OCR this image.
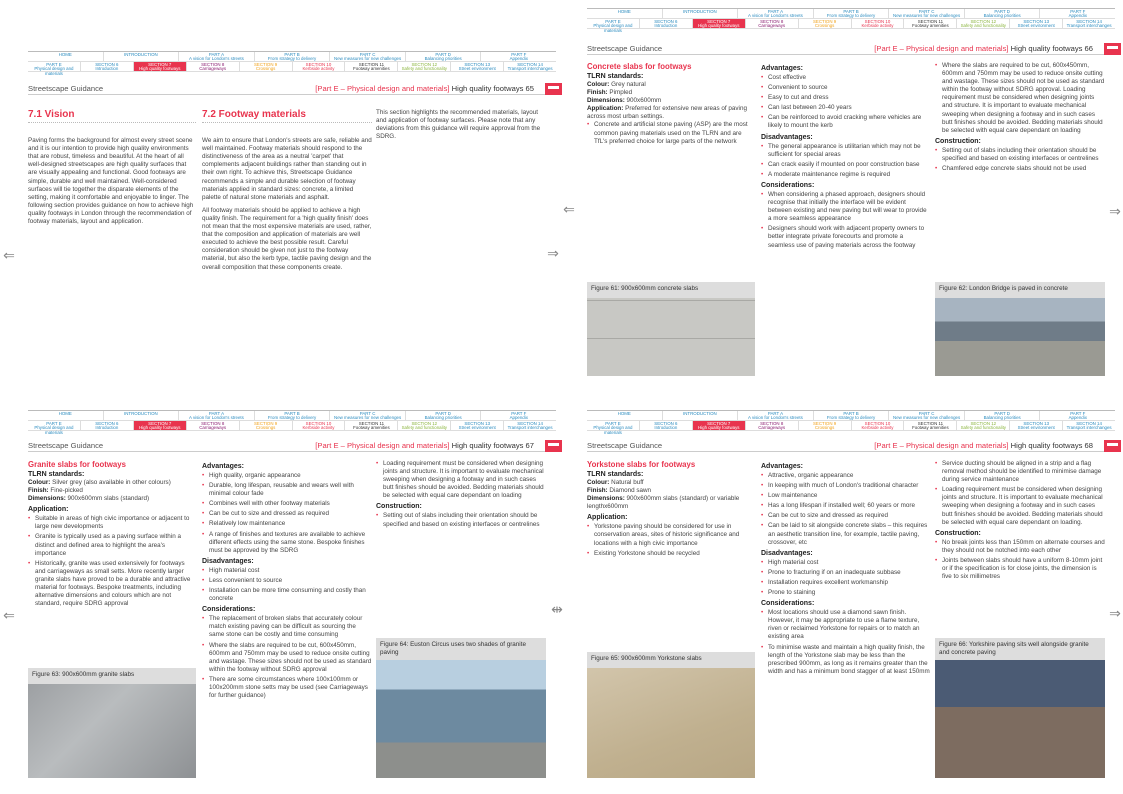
HOME	INTRODUCTION	PART A
A vision for London's streets
PART B
From strategy to delivery
PART C
New measures for new challenges
PART D
Balancing priorities
PART F
Appendix
PART E
Physical design and materials
SECTION 6
Introduction
SECTION 7
High quality footways
SECTION 8
Carriageways
SECTION 9
Crossings
SECTION 10
Kerbside activity
SECTION 11
Footway amenities
SECTION 12
Safety and functionality
SECTION 13
Street environment
SECTION 14
Transport interchanges
Streetscape Guidance	[Part E – Physical design and materials] High quality footways 65
7.1 Vision

Paving forms the background for almost every street scene and it is our intention to provide high quality environments that are robust, timeless and beautiful. At the heart of all well-designed streetscapes are high quality surfaces that are visually appealing and functional. Good footways are simple, durable and well maintained. Well-considered surfaces will tie together the disparate elements of the setting, making it comfortable and enjoyable to linger. The following section provides guidance on how to achieve high quality footways in London through the recommendation of footway materials, layout and application.

7.2 Footway materials

We aim to ensure that London's streets are safe, reliable and well maintained. Footway materials should respond to the distinctiveness of the area as a neutral 'carpet' that complements adjacent buildings rather than standing out in their own right. To achieve this, Streetscape Guidance recommends a simple and durable selection of footway materials applied in standard sizes: concrete, a limited palette of natural stone materials and asphalt.

All footway materials should be applied to achieve a high quality finish. The requirement for a 'high quality finish' does not mean that the most expensive materials are used, rather, that the composition and application of materials are well executed to achieve the best possible result. Careful consideration should be given not just to the footway material, but also the kerb type, tactile paving design and the overall composition that these components create.

This section highlights the recommended materials, layout and application of footway surfaces. Please note that any deviations from this guidance will require approval from the SDRG.

HOME	INTRODUCTION	PART A
A vision for London's streets
PART B
From strategy to delivery
PART C
New measures for new challenges
PART D
Balancing priorities
PART F
Appendix
PART E
Physical design and materials
SECTION 6
Introduction
SECTION 7
High quality footways
SECTION 8
Carriageways
SECTION 9
Crossings
SECTION 10
Kerbside activity
SECTION 11
Footway amenities
SECTION 12
Safety and functionality
SECTION 13
Street environment
SECTION 14
Transport interchanges
Streetscape Guidance	[Part E – Physical design and materials] High quality footways 66
Concrete slabs for footways
TLRN standards:
Colour: Grey natural
Finish: Pimpled
Dimensions: 900x600mm
Application: Preferred for extensive new areas of paving across most urban settings.
• Concrete and artificial stone paving (ASP) are the most common paving materials used on the TLRN and are TfL's preferred choice for large parts of the network
Figure 61: 900x600mm concrete slabs
Advantages:
• Cost effective
• Convenient to source
• Easy to cut and dress
• Can last between 20-40 years
• Can be reinforced to avoid cracking where vehicles are likely to mount the kerb
Disadvantages:
• The general appearance is utilitarian which may not be sufficient for special areas
• Can crack easily if mounted on poor construction base
• A moderate maintenance regime is required
Considerations:
• When considering a phased approach, designers should recognise that initially the interface will be evident between existing and new paving but will wear to provide a more seamless appearance
• Designers should work with adjacent property owners to better integrate private forecourts and promote a seamless use of paving materials across the footway
• Where the slabs are required to be cut, 600x450mm, 600mm and 750mm may be used to reduce onsite cutting and wastage. These sizes should not be used as standard within the footway without SDRG approval. Loading requirement must be considered when designing joints and structure. It is important to evaluate mechanical sweeping when designing a footway and in such cases butt finishes should be avoided. Bedding materials should be selected with equal care dependant on loading
Construction:
• Setting out of slabs including their orientation should be specified and based on existing interfaces or centrelines
• Chamfered edge concrete slabs should not be used
Figure 62: London Bridge is paved in concrete
HOME	INTRODUCTION	PART A
A vision for London's streets
PART B
From strategy to delivery
PART C
New measures for new challenges
PART D
Balancing priorities
PART F
Appendix
PART E
Physical design and materials
SECTION 6
Introduction
SECTION 7
High quality footways
SECTION 8
Carriageways
SECTION 9
Crossings
SECTION 10
Kerbside activity
SECTION 11
Footway amenities
SECTION 12
Safety and functionality
SECTION 13
Street environment
SECTION 14
Transport interchanges
Streetscape Guidance	[Part E – Physical design and materials] High quality footways 67
Granite slabs for footways
TLRN standards:
Colour: Silver grey (also available in other colours)
Finish: Fine-picked
Dimensions: 900x600mm slabs (standard)
Application:
• Suitable in areas of high civic importance or adjacent to large new developments
• Granite is typically used as a paving surface within a distinct and defined area to highlight the area's importance
• Historically, granite was used extensively for footways and carriageways as small setts. More recently larger granite slabs have proved to be a durable and attractive material for footways. Bespoke treatments, including alternative dimensions and colours which are not standard, require SDRG approval
Figure 63: 900x600mm granite slabs
Advantages:
• High quality, organic appearance
• Durable, long lifespan, reusable and wears well with minimal colour fade
• Combines well with other footway materials
• Can be cut to size and dressed as required
• Relatively low maintenance
• A range of finishes and textures are available to achieve different effects using the same stone. Bespoke finishes must be approved by the SDRG
Disadvantages:
• High material cost
• Less convenient to source
• Installation can be more time consuming and costly than concrete
Considerations:
• The replacement of broken slabs that accurately colour match existing paving can be difficult as sourcing the same stone can be costly and time consuming
• Where the slabs are required to be cut, 600x450mm, 600mm and 750mm may be used to reduce onsite cutting and wastage. These sizes should not be used as standard within the footway without SDRG approval
• There are some circumstances where 100x100mm or 100x200mm stone setts may be used (see Carriageways for further guidance)
• Loading requirement must be considered when designing joints and structure. It is important to evaluate mechanical sweeping when designing a footway and in such cases butt finishes should be avoided. Bedding materials should be selected with equal care dependant on loading
Construction:
• Setting out of slabs including their orientation should be specified and based on existing interfaces or centrelines
Figure 64: Euston Circus uses two shades of granite paving
HOME	INTRODUCTION	PART A
A vision for London's streets
PART B
From strategy to delivery
PART C
New measures for new challenges
PART D
Balancing priorities
PART F
Appendix
PART E
Physical design and materials
SECTION 6
Introduction
SECTION 7
High quality footways
SECTION 8
Carriageways
SECTION 9
Crossings
SECTION 10
Kerbside activity
SECTION 11
Footway amenities
SECTION 12
Safety and functionality
SECTION 13
Street environment
SECTION 14
Transport interchanges
Streetscape Guidance	[Part E – Physical design and materials] High quality footways 68
Yorkstone slabs for footways
TLRN standards:
Colour: Natural buff
Finish: Diamond sawn
Dimensions: 900x600mm slabs (standard) or variable lengthx600mm
Application:
• Yorkstone paving should be considered for use in conservation areas, sites of historic significance and locations with a high civic importance
• Existing Yorkstone should be recycled
Figure 65: 900x600mm Yorkstone slabs
Advantages:
• Attractive, organic appearance
• In keeping with much of London's traditional character
• Low maintenance
• Has a long lifespan if installed well; 60 years or more
• Can be cut to size and dressed as required
• Can be laid to sit alongside concrete slabs – this requires an aesthetic transition line, for example, tactile paving, crossover, etc
Disadvantages:
• High material cost
• Prone to fracturing if on an inadequate subbase
• Installation requires excellent workmanship
• Prone to staining
Considerations:
• Most locations should use a diamond sawn finish. However, it may be appropriate to use a flame texture, riven or reclaimed Yorkstone for repairs or to match an existing area
• To minimise waste and maintain a high quality finish, the length of the Yorkstone slab may be less than the prescribed 900mm, as long as it remains greater than the width and has a minimum bond stagger of at least 150mm
• Service ducting should be aligned in a strip and a flag removal method should be identified to minimise damage during service maintenance
• Loading requirement must be considered when designing joints and structure. It is important to evaluate mechanical sweeping when designing a footway and in such cases butt finishes should be avoided. Bedding materials should be selected with equal care dependant on loading.
Construction:
• No break joints less than 150mm on alternate courses and they should not be notched into each other
• Joints between slabs should have a uniform 8-10mm joint or if the specification is for close joints, the dimension is five to six millimetres
Figure 66: Yorkshire paving sits well alongside granite and concrete paving
⇐	⇒
⇐	⇒
⇐	⇹	⇒
